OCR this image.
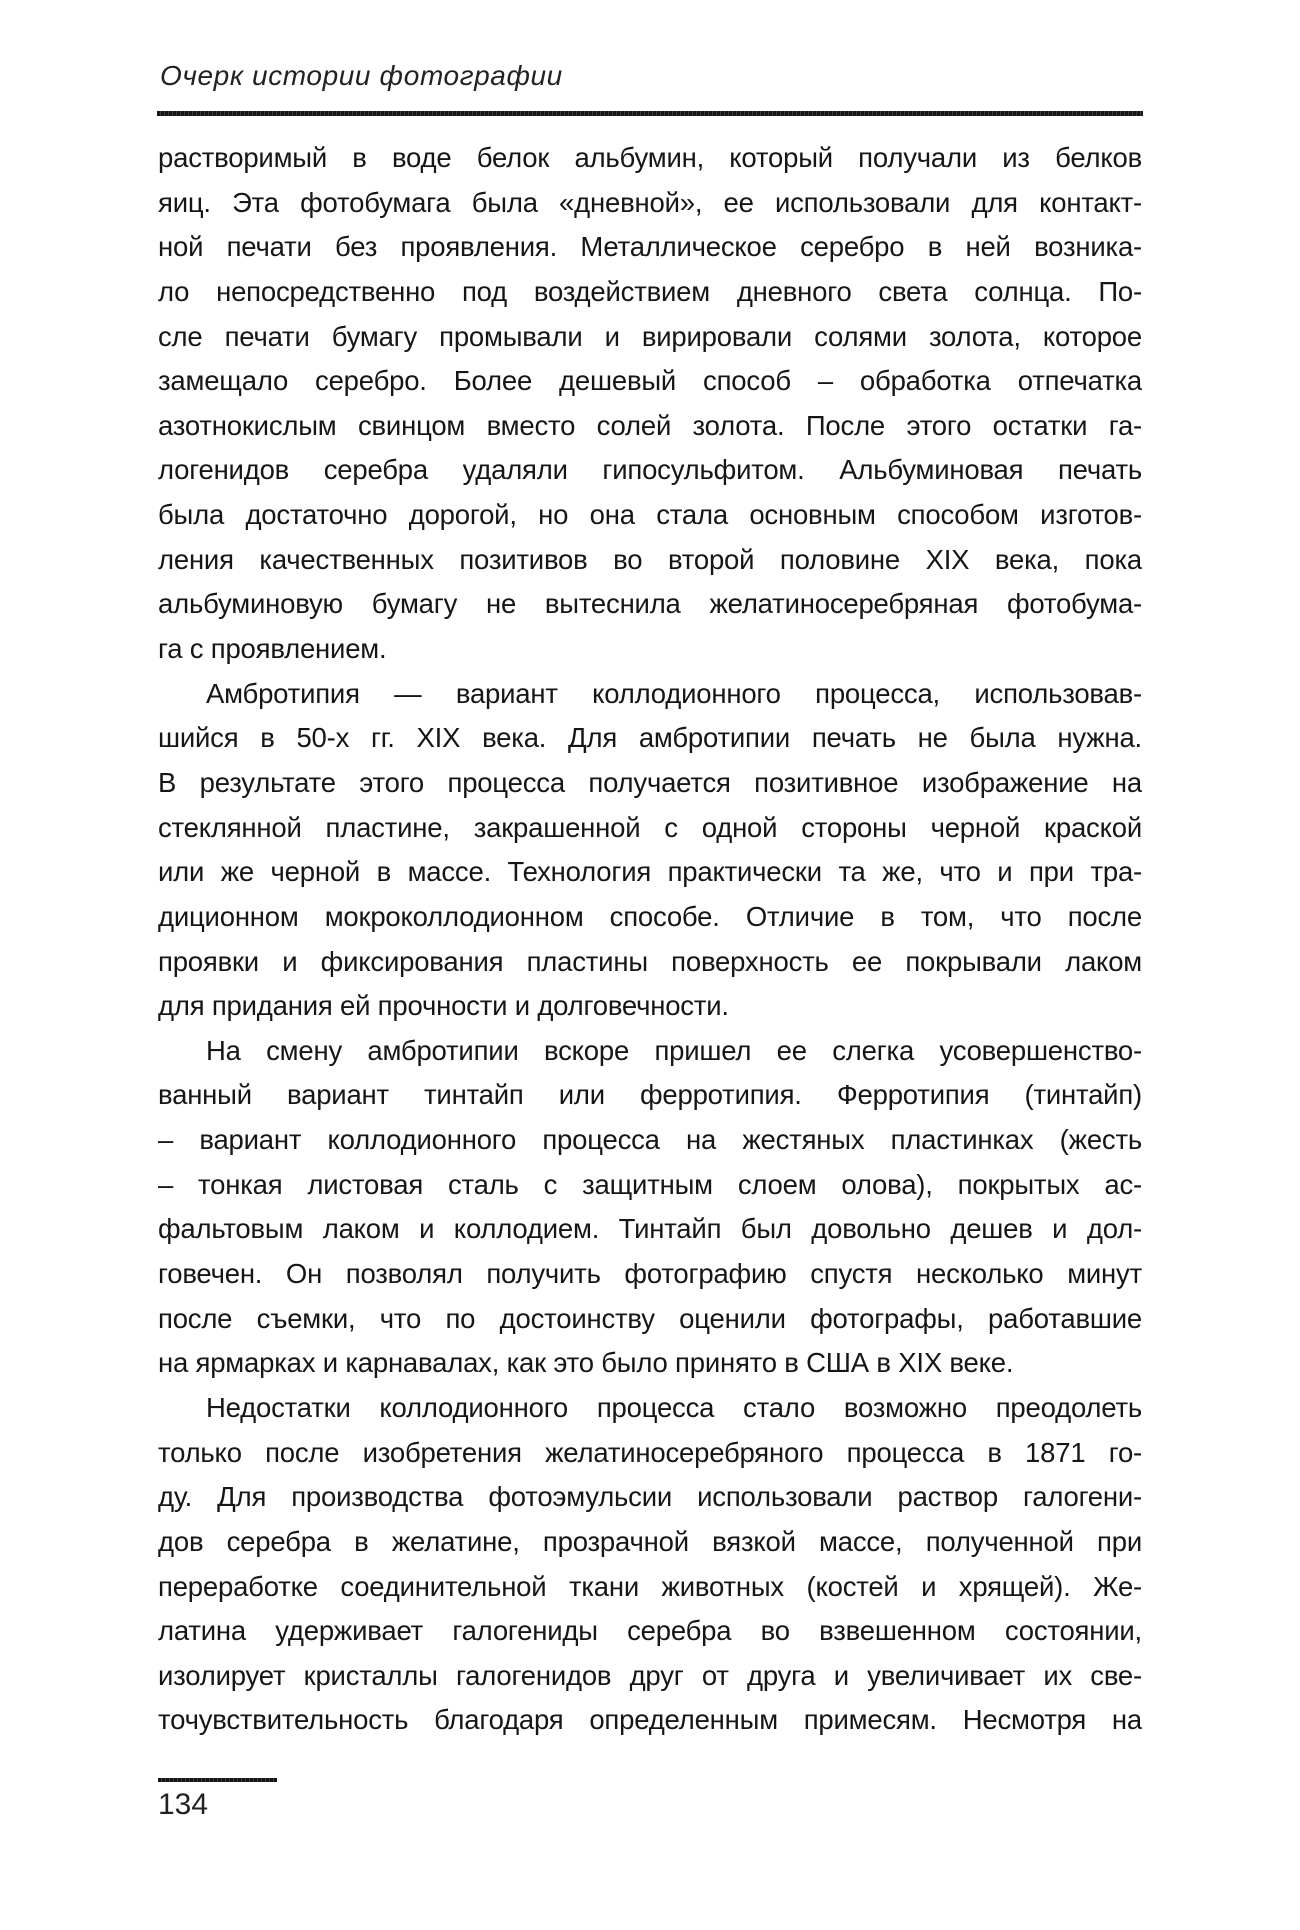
Очерк истории фотографии
растворимый в воде белок альбумин, который получали из белков
яиц. Эта фотобумага была «дневной», ее использовали для контакт-
ной печати без проявления. Металлическое серебро в ней возника-
ло непосредственно под воздействием дневного света солнца. По-
сле печати бумагу промывали и вирировали солями золота, которое
замещало серебро. Более дешевый способ – обработка отпечатка
азотнокислым свинцом вместо солей золота. После этого остатки га-
логенидов серебра удаляли гипосульфитом. Альбуминовая печать
была достаточно дорогой, но она стала основным способом изготов-
ления качественных позитивов во второй половине XIX века, пока
альбуминовую бумагу не вытеснила желатиносеребряная фотобума-
га с проявлением.
Амбротипия — вариант коллодионного процесса, использовав-
шийся в 50-х гг. XIX века. Для амбротипии печать не была нужна.
В результате этого процесса получается позитивное изображение на
стеклянной пластине, закрашенной с одной стороны черной краской
или же черной в массе. Технология практически та же, что и при тра-
диционном мокроколлодионном способе. Отличие в том, что после
проявки и фиксирования пластины поверхность ее покрывали лаком
для придания ей прочности и долговечности.
На смену амбротипии вскоре пришел ее слегка усовершенство-
ванный вариант тинтайп или ферротипия. Ферротипия (тинтайп)
– вариант коллодионного процесса на жестяных пластинках (жесть
– тонкая листовая сталь с защитным слоем олова), покрытых ас-
фальтовым лаком и коллодием. Тинтайп был довольно дешев и дол-
говечен. Он позволял получить фотографию спустя несколько минут
после съемки, что по достоинству оценили фотографы, работавшие
на ярмарках и карнавалах, как это было принято в США в XIX веке.
Недостатки коллодионного процесса стало возможно преодолеть
только после изобретения желатиносеребряного процесса в 1871 го-
ду. Для производства фотоэмульсии использовали раствор галогени-
дов серебра в желатине, прозрачной вязкой массе, полученной при
переработке соединительной ткани животных (костей и хрящей). Же-
латина удерживает галогениды серебра во взвешенном состоянии,
изолирует кристаллы галогенидов друг от друга и увеличивает их све-
точувствительность благодаря определенным примесям. Несмотря на
134
